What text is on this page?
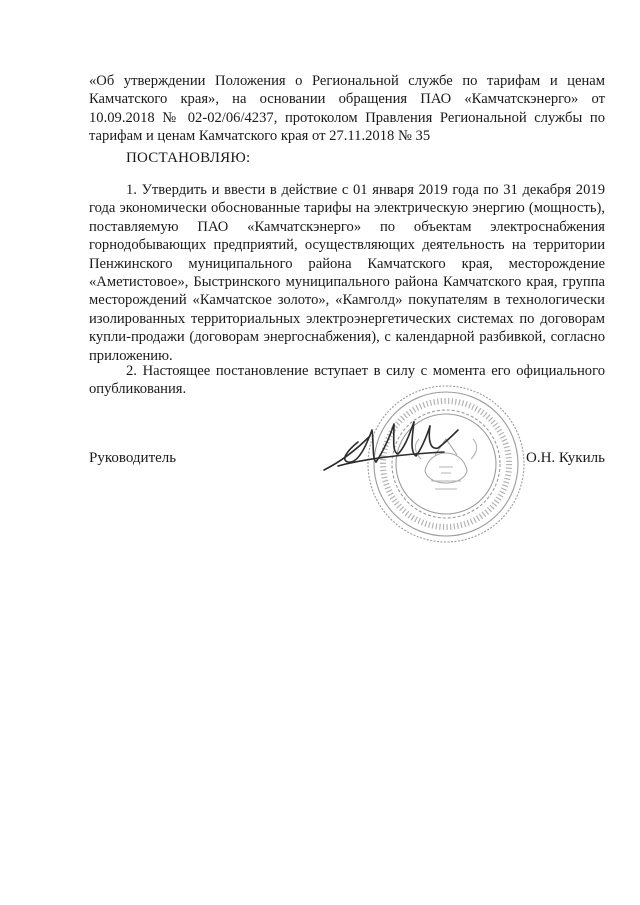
«Об утверждении Положения о Региональной службе по тарифам и ценам Камчатского края», на основании обращения ПАО «Камчатскэнерго» от 10.09.2018 № 02-02/06/4237, протоколом Правления Региональной службы по тарифам и ценам Камчатского края от 27.11.2018 № 35
ПОСТАНОВЛЯЮ:
1. Утвердить и ввести в действие с 01 января 2019 года по 31 декабря 2019 года экономически обоснованные тарифы на электрическую энергию (мощность), поставляемую ПАО «Камчатскэнерго» по объектам электроснабжения горнодобывающих предприятий, осуществляющих деятельность на территории Пенжинского муниципального района Камчатского края, месторождение «Аметистовое», Быстринского муниципального района Камчатского края, группа месторождений «Камчатское золото», «Камголд» покупателям в технологически изолированных территориальных электроэнергетических системах по договорам купли-продажи (договорам энергоснабжения), с календарной разбивкой, согласно приложению.
2. Настоящее постановление вступает в силу с момента его официального опубликования.
Руководитель	О.Н. Кукиль
